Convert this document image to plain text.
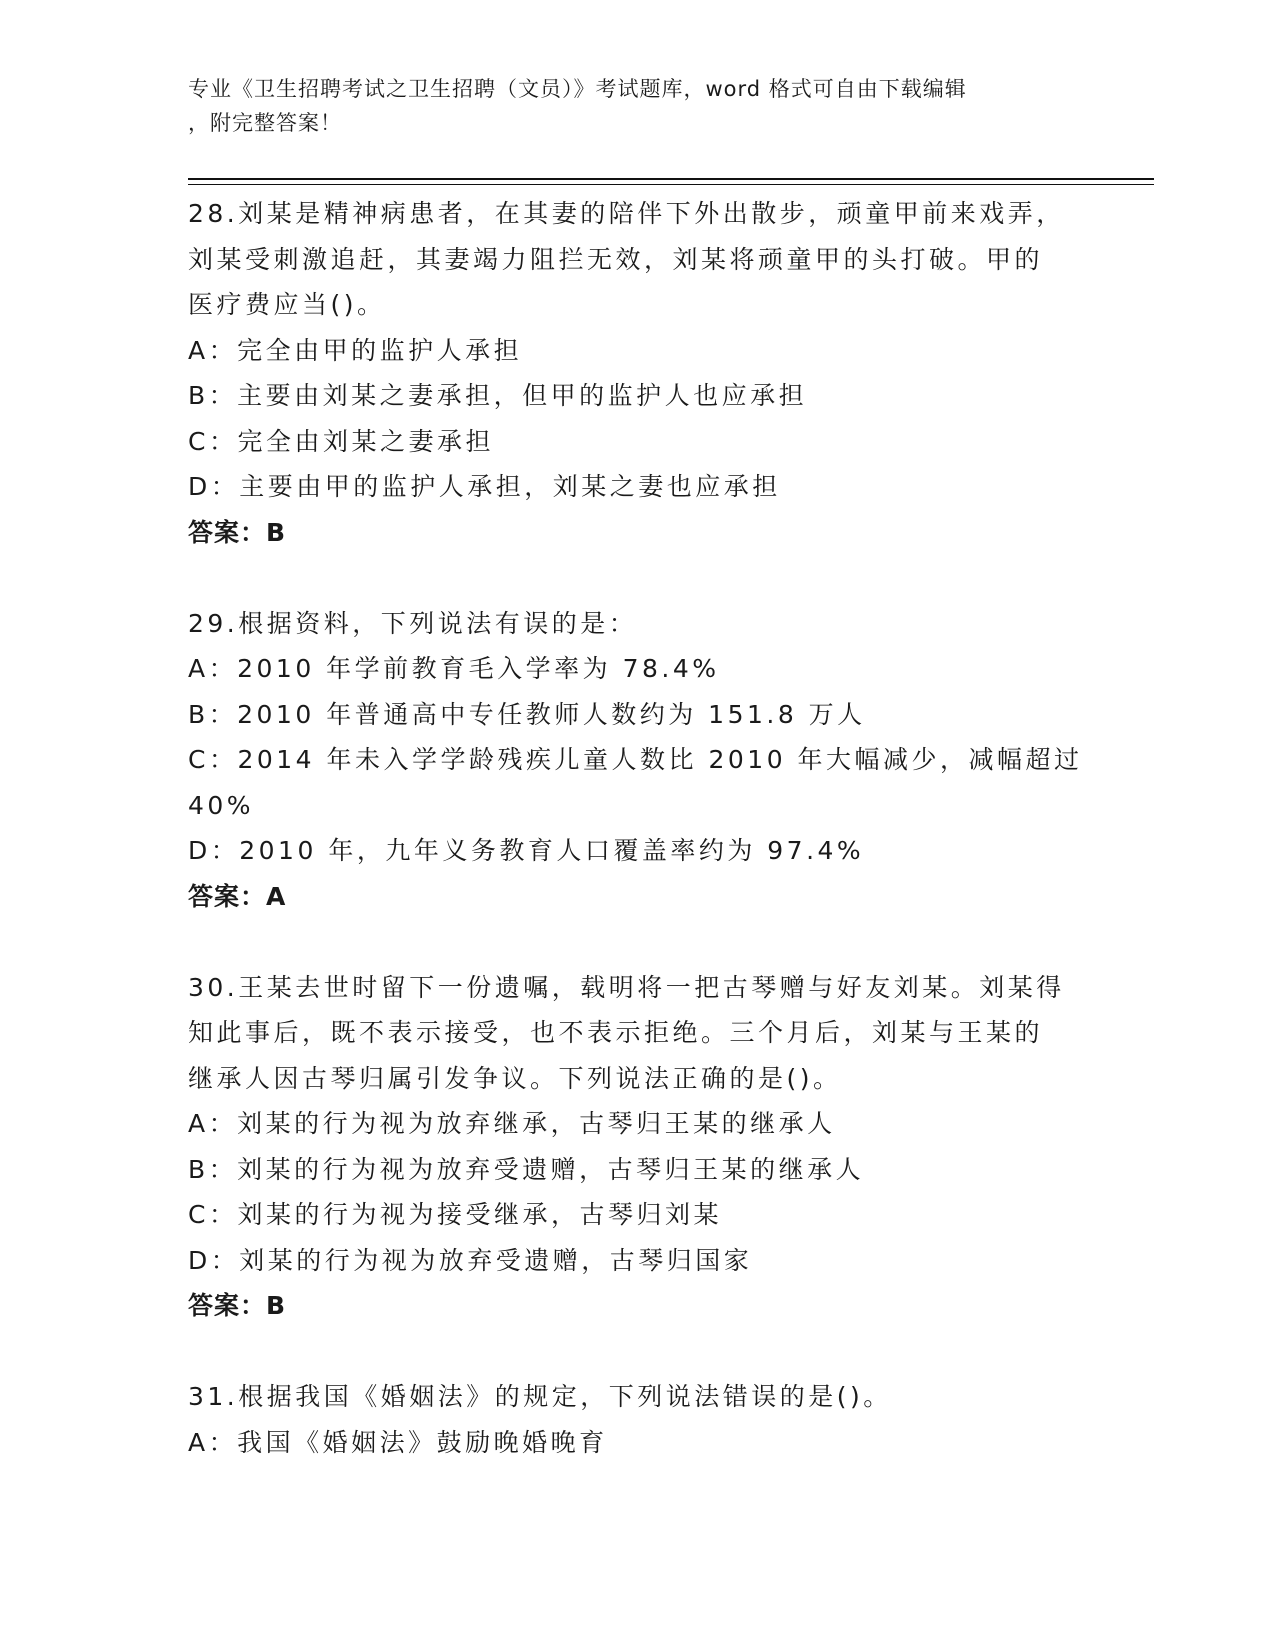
专业《卫生招聘考试之卫生招聘（文员）》考试题库，word 格式可自由下载编辑
，附完整答案！
28.刘某是精神病患者，在其妻的陪伴下外出散步，顽童甲前来戏弄，
刘某受刺激追赶，其妻竭力阻拦无效，刘某将顽童甲的头打破。甲的
医疗费应当()。
A：完全由甲的监护人承担
B：主要由刘某之妻承担，但甲的监护人也应承担
C：完全由刘某之妻承担
D：主要由甲的监护人承担，刘某之妻也应承担
答案：B
29.根据资料，下列说法有误的是：
A：2010 年学前教育毛入学率为 78.4%
B：2010 年普通高中专任教师人数约为 151.8 万人
C：2014 年未入学学龄残疾儿童人数比 2010 年大幅减少，减幅超过
40%
D：2010 年，九年义务教育人口覆盖率约为 97.4%
答案：A
30.王某去世时留下一份遗嘱，载明将一把古琴赠与好友刘某。刘某得
知此事后，既不表示接受，也不表示拒绝。三个月后，刘某与王某的
继承人因古琴归属引发争议。下列说法正确的是()。
A：刘某的行为视为放弃继承，古琴归王某的继承人
B：刘某的行为视为放弃受遗赠，古琴归王某的继承人
C：刘某的行为视为接受继承，古琴归刘某
D：刘某的行为视为放弃受遗赠，古琴归国家
答案：B
31.根据我国《婚姻法》的规定，下列说法错误的是()。
A：我国《婚姻法》鼓励晚婚晚育
